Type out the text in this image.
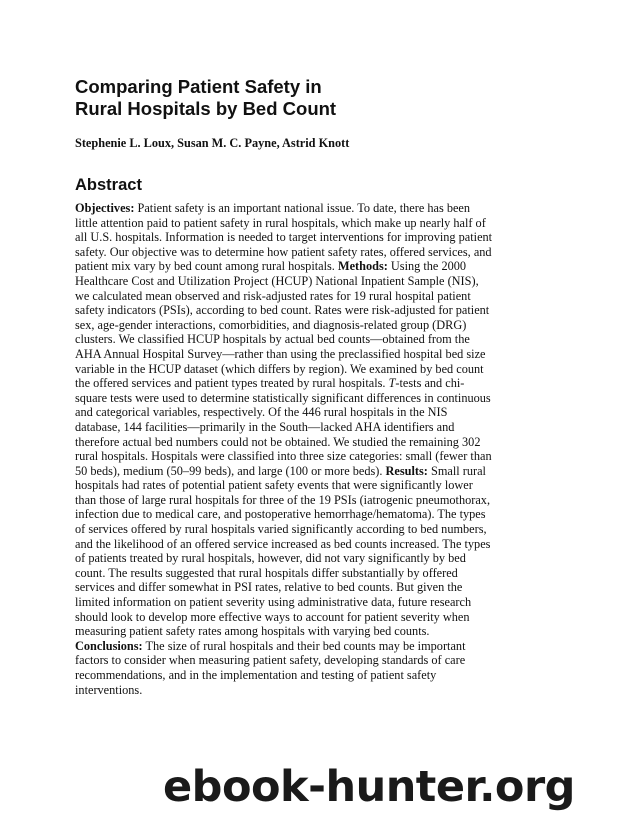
Comparing Patient Safety in
Rural Hospitals by Bed Count

Stephenie L. Loux, Susan M. C. Payne, Astrid Knott

Abstract

Objectives: Patient safety is an important national issue. To date, there has been little attention paid to patient safety in rural hospitals, which make up nearly half of all U.S. hospitals. Information is needed to target interventions for improving patient safety. Our objective was to determine how patient safety rates, offered services, and patient mix vary by bed count among rural hospitals. Methods: Using the 2000 Healthcare Cost and Utilization Project (HCUP) National Inpatient Sample (NIS), we calculated mean observed and risk-adjusted rates for 19 rural hospital patient safety indicators (PSIs), according to bed count. Rates were risk-adjusted for patient sex, age-gender interactions, comorbidities, and diagnosis-related group (DRG) clusters. We classified HCUP hospitals by actual bed counts—obtained from the AHA Annual Hospital Survey—rather than using the preclassified hospital bed size variable in the HCUP dataset (which differs by region). We examined by bed count the offered services and patient types treated by rural hospitals. T-tests and chi-square tests were used to determine statistically significant differences in continuous and categorical variables, respectively. Of the 446 rural hospitals in the NIS database, 144 facilities—primarily in the South—lacked AHA identifiers and therefore actual bed numbers could not be obtained. We studied the remaining 302 rural hospitals. Hospitals were classified into three size categories: small (fewer than 50 beds), medium (50–99 beds), and large (100 or more beds). Results: Small rural hospitals had rates of potential patient safety events that were significantly lower than those of large rural hospitals for three of the 19 PSIs (iatrogenic pneumothorax, infection due to medical care, and postoperative hemorrhage/hematoma). The types of services offered by rural hospitals varied significantly according to bed numbers, and the likelihood of an offered service increased as bed counts increased. The types of patients treated by rural hospitals, however, did not vary significantly by bed count. The results suggested that rural hospitals differ substantially by offered services and differ somewhat in PSI rates, relative to bed counts. But given the limited information on patient severity using administrative data, future research should look to develop more effective ways to account for patient severity when measuring patient safety rates among hospitals with varying bed counts.
Conclusions: The size of rural hospitals and their bed counts may be important factors to consider when measuring patient safety, developing standards of care recommendations, and in the implementation and testing of patient safety interventions.

ebook-hunter.org
